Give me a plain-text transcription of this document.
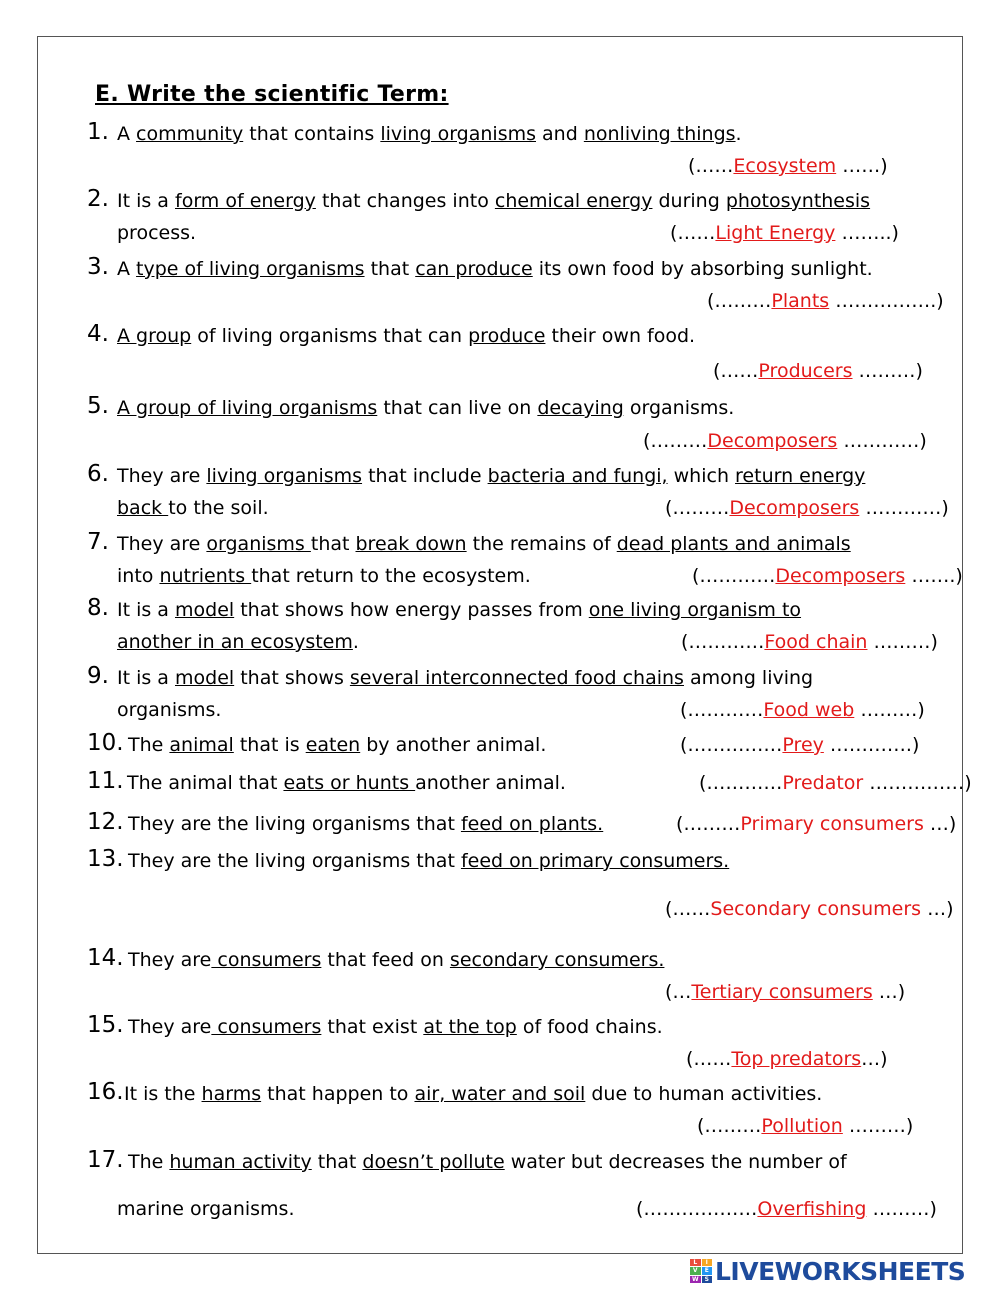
E. Write the scientific Term:
1. A community that contains living organisms and nonliving things.
(……Ecosystem ……)
2. It is a form of energy that changes into chemical energy during photosynthesis
process.	(……Light Energy ……..)
3. A type of living organisms that can produce its own food by absorbing sunlight.
(………Plants …………….)
4. A group of living organisms that can produce their own food.
(……Producers ………)
5. A group of living organisms that can live on decaying organisms.
(………Decomposers …………)
6. They are living organisms that include bacteria and fungi, which return energy
back to the soil.	(………Decomposers …………)
7. They are organisms that break down the remains of dead plants and animals
into nutrients that return to the ecosystem.	(…………Decomposers …….)
8. It is a model that shows how energy passes from one living organism to
another in an ecosystem.	(…………Food chain ………)
9. It is a model that shows several interconnected food chains among living
organisms.	(…………Food web ………)
10. The animal that is eaten by another animal.	(……………Prey ………….)
11. The animal that eats or hunts another animal.	(…………Predator ……………)
12. They are the living organisms that feed on plants.	(………Primary consumers …)
13. They are the living organisms that feed on primary consumers.
(……Secondary consumers …)
14. They are consumers that feed on secondary consumers.
(…Tertiary consumers …)
15. They are consumers that exist at the top of food chains.
(……Top predators…)
16. It is the harms that happen to air, water and soil due to human activities.
(………Pollution ………)
17. The human activity that doesn’t pollute water but decreases the number of
marine organisms.	(………………Overfishing ………)
L	I
V	E
W	S LIVEWORKSHEETS
